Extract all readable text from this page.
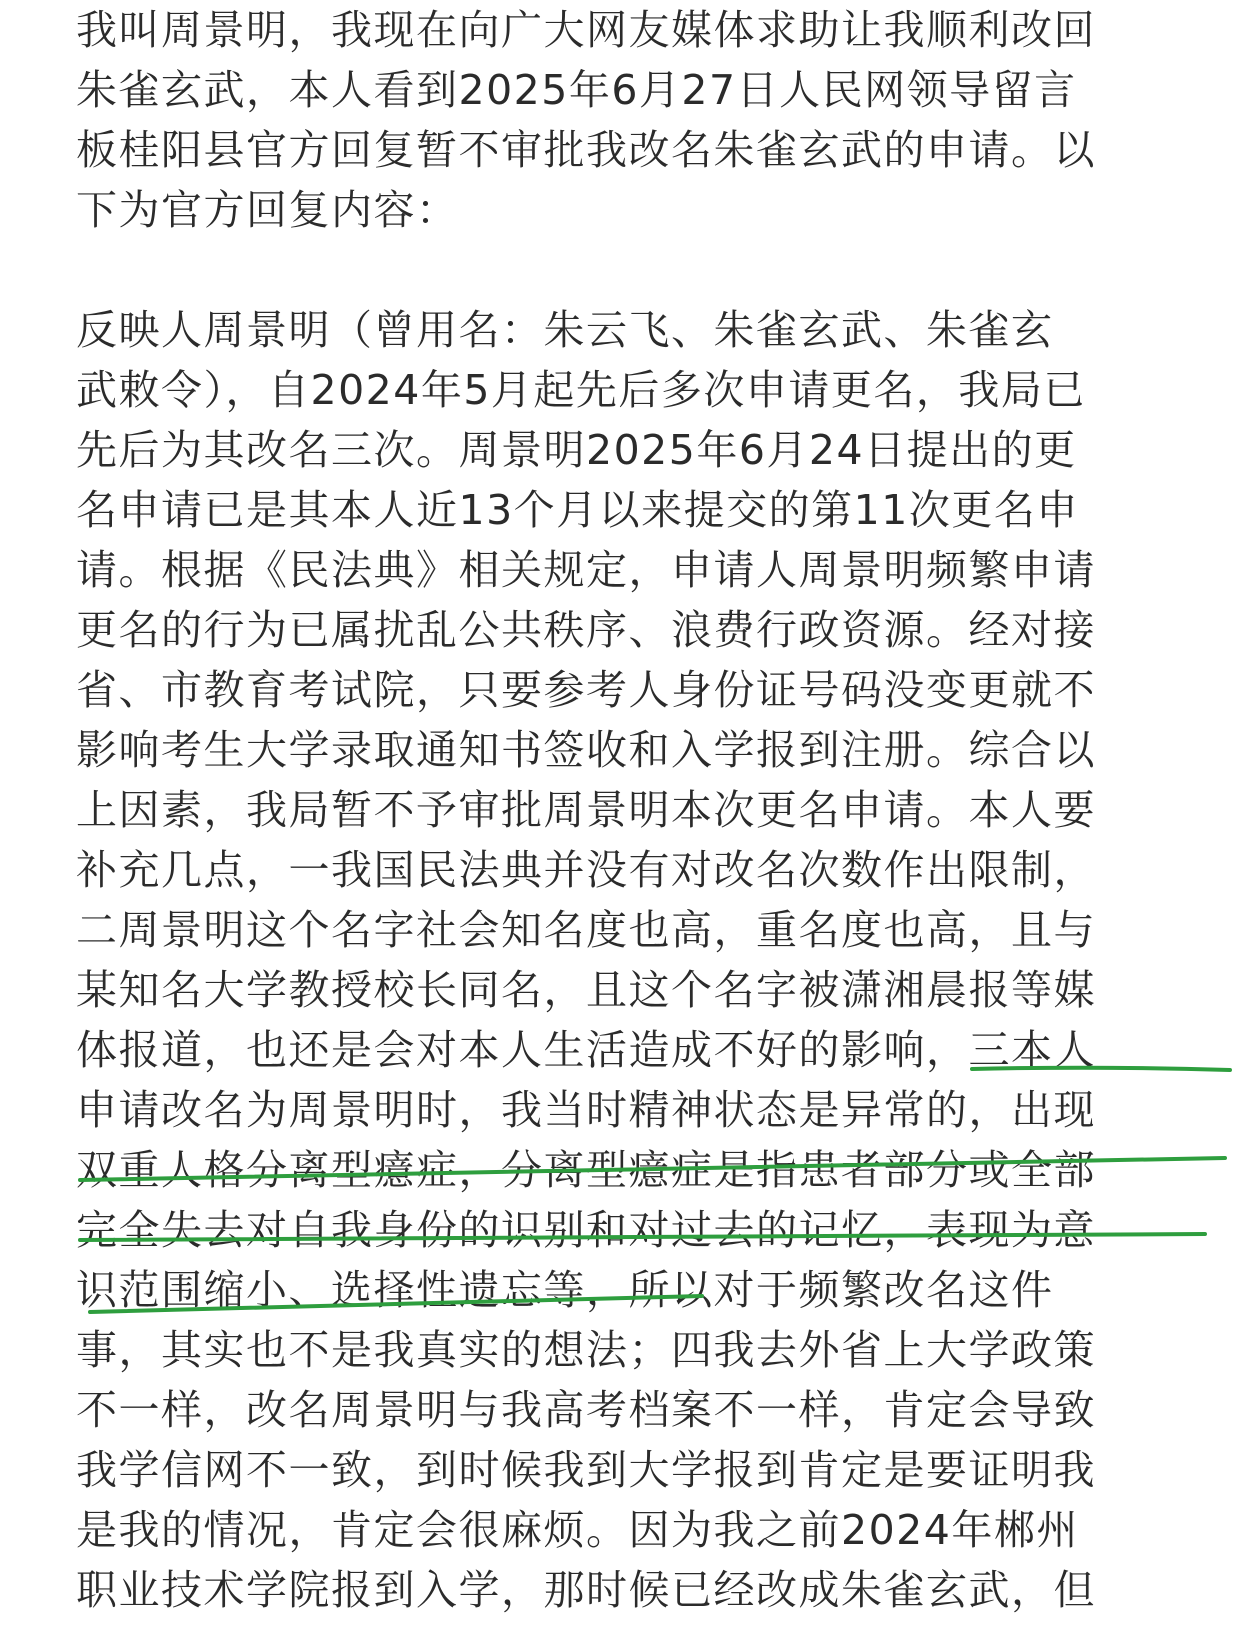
我叫周景明，我现在向广大网友媒体求助让我顺利改回
朱雀玄武，本人看到2025年6月27日人民网领导留言
板桂阳县官方回复暂不审批我改名朱雀玄武的申请。以
下为官方回复内容：
反映人周景明（曾用名：朱云飞、朱雀玄武、朱雀玄
武敕令），自2024年5月起先后多次申请更名，我局已
先后为其改名三次。周景明2025年6月24日提出的更
名申请已是其本人近13个月以来提交的第11次更名申
请。根据《民法典》相关规定，申请人周景明频繁申请
更名的行为已属扰乱公共秩序、浪费行政资源。经对接
省、市教育考试院，只要参考人身份证号码没变更就不
影响考生大学录取通知书签收和入学报到注册。综合以
上因素，我局暂不予审批周景明本次更名申请。本人要
补充几点，一我国民法典并没有对改名次数作出限制，
二周景明这个名字社会知名度也高，重名度也高，且与
某知名大学教授校长同名，且这个名字被潇湘晨报等媒
体报道，也还是会对本人生活造成不好的影响，三本人
申请改名为周景明时，我当时精神状态是异常的，出现
双重人格分离型癔症，分离型癔症是指患者部分或全部
完全失去对自我身份的识别和对过去的记忆，表现为意
识范围缩小、选择性遗忘等，所以对于频繁改名这件
事，其实也不是我真实的想法；四我去外省上大学政策
不一样，改名周景明与我高考档案不一样，肯定会导致
我学信网不一致，到时候我到大学报到肯定是要证明我
是我的情况，肯定会很麻烦。因为我之前2024年郴州
职业技术学院报到入学，那时候已经改成朱雀玄武，但
